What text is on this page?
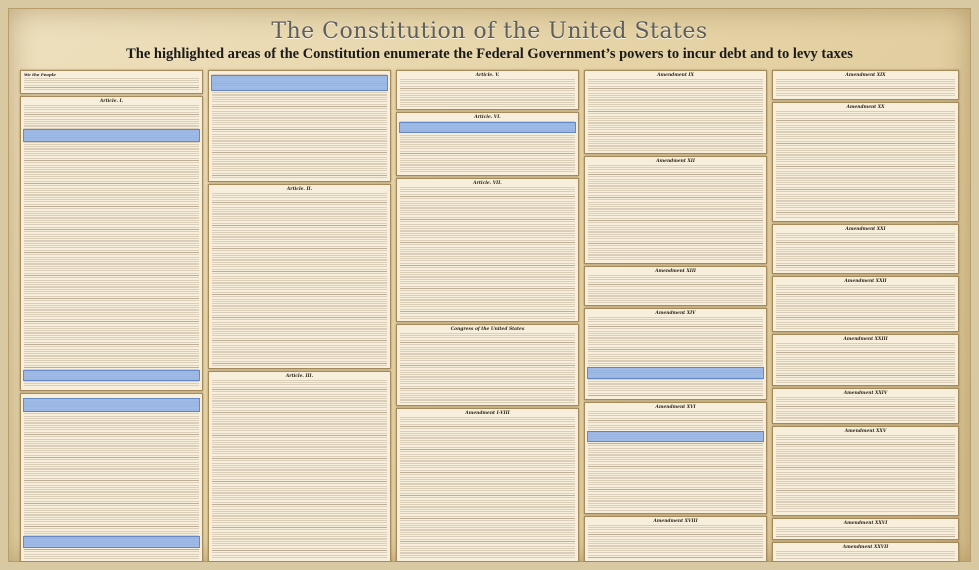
The Constitution of the United States
The highlighted areas of the Constitution enumerate the Federal Government’s powers to incur debt and to levy taxes
We the People
Article. I.
Article. II.
Article. III.
Article. V.
Article. VI.
Article. VII.
Congress of the United States
Amendment I-VIII
Amendment IX
Amendment XII
Amendment XIII
Amendment XIV
Amendment XVI
Amendment XVIII
Amendment XIX
Amendment XX
Amendment XXI
Amendment XXII
Amendment XXIII
Amendment XXIV
Amendment XXV
Amendment XXVI
Amendment XXVII
